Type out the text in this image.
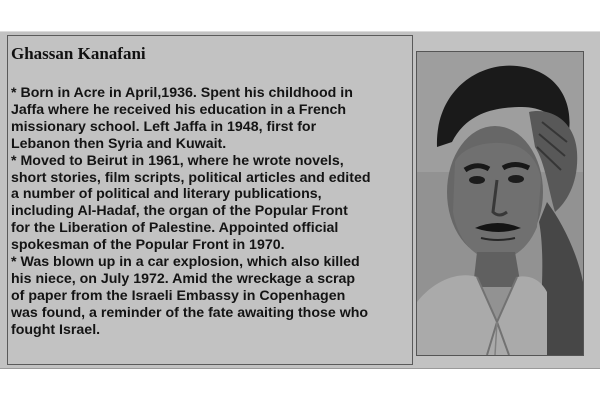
Ghassan Kanafani
* Born in Acre in April,1936. Spent his childhood in
Jaffa where he received his education in a French
missionary school. Left Jaffa in 1948, first for
Lebanon then Syria and Kuwait.
* Moved to Beirut in 1961, where he wrote novels,
short stories, film scripts, political articles and edited
a number of political and literary publications,
including Al-Hadaf, the organ of the Popular Front
for the Liberation of Palestine. Appointed official
spokesman of the Popular Front in 1970.
* Was blown up in a car explosion, which also killed
his niece, on July 1972. Amid the wreckage a scrap
of paper from the Israeli Embassy in Copenhagen
was found, a reminder of the fate awaiting those who
fought Israel.
